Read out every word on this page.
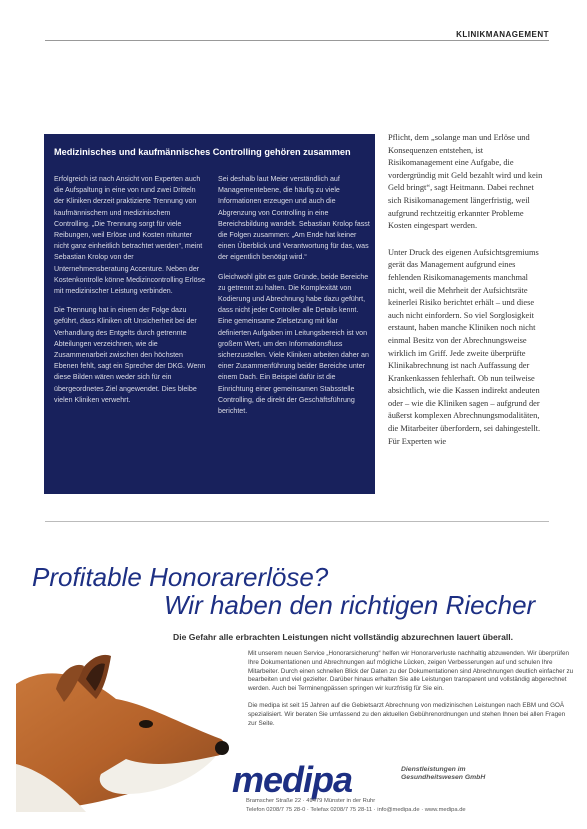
KLINIKMANAGEMENT
Medizinisches und kaufmännisches Controlling gehören zusammen

Erfolgreich ist nach Ansicht von Experten auch die Aufspaltung in eine von rund zwei Dritteln der Kliniken derzeit praktizierte Trennung von kaufmännischem und medizinischem Controlling. „Die Trennung sorgt für viele Reibungen, weil Erlöse und Kosten mitunter nicht ganz einheitlich betrachtet werden“, meint Sebastian Krolop von der Unternehmensberatung Accenture. Neben der Kostenkontrolle könne Medizincontrolling Erlöse mit medizinischer Leistung verbinden.

Die Trennung hat in einem der Folge dazu geführt, dass Kliniken oft Unsicherheit bei der Verhandlung des Entgelts durch getrennte Abteilungen verzeichnen, wie die Zusammenarbeit zwischen den höchsten Ebenen fehlt, sagt ein Sprecher der DKG. Wenn diese Bilden wären weder sich für ein übergeordnetes Ziel angewendet. Dies bleibe vielen Kliniken verwehrt.

Sei deshalb laut Meier verständlich auf Managementebene, die häufig zu viele Informationen erzeugen und auch die Abgrenzung von Controlling in eine Bereichsbildung wandelt. Sebastian Krolop fasst die Folgen zusammen: „Am Ende hat keiner einen Überblick und Verantwortung für das, was der eigentlich benötigt wird.“

Gleichwohl gibt es gute Gründe, beide Bereiche zu getrennt zu halten. Die Komplexität von Kodierung und Abrechnung habe dazu geführt, dass nicht jeder Controller alle Details kennt. Eine gemeinsame Zielsetzung mit klar definierten Aufgaben im Leitungsbereich ist von großem Wert, um den Informationsfluss sicherzustellen. Viele Kliniken arbeiten daher an einer Zusammenführung beider Bereiche unter einem Dach. Ein Beispiel dafür ist die Einrichtung einer gemeinsamen Stabsstelle Controlling, die direkt der Geschäftsführung berichtet.

Pflicht, dem „solange man und Erlöse und Konsequenzen entstehen, ist Risikomanagement eine Aufgabe, die vordergründig mit Geld bezahlt wird und kein Geld bringt“, sagt Heitmann. Dabei rechnet sich Risikomanagement längerfristig, weil aufgrund rechtzeitig erkannter Probleme Kosten eingespart werden.

Unter Druck des eigenen Aufsichtsgremiums gerät das Management aufgrund eines fehlenden Risikomanagements manchmal nicht, weil die Mehrheit der Aufsichtsräte keinerlei Risiko berichtet erhält – und diese auch nicht einfordern. So viel Sorglosigkeit erstaunt, haben manche Kliniken noch nicht einmal Besitz von der Abrechnungsweise wirklich im Griff. Jede zweite überprüfte Klinikabrechnung ist nach Auffassung der Krankenkassen fehlerhaft. Ob nun teilweise absichtlich, wie die Kassen indirekt andeuten oder – wie die Kliniken sagen – aufgrund der äußerst komplexen Abrechnungsmodalitäten, die Mitarbeiter überfordern, sei dahingestellt. Für Experten wie

Profitable Honorarerlöse?
Wir haben den richtigen Riecher
Die Gefahr alle erbrachten Leistungen nicht vollständig abzurechnen lauert überall.

Mit unserem neuen Service „Honorarsicherung“ helfen wir Honorarverluste nachhaltig abzuwenden. Wir überprüfen Ihre Dokumentationen und Abrechnungen auf mögliche Lücken, zeigen Verbesserungen auf und schulen Ihre Mitarbeiter. Durch einen schnellen Blick der Daten zu der Dokumentationen sind Abrechnungen deutlich einfacher zu bearbeiten und viel gezielter. Darüber hinaus erhalten Sie alle Leistungen transparent und vollständig abgerechnet werden. Auch bei Terminengpässen springen wir kurzfristig für Sie ein.

Die medipa ist seit 15 Jahren auf die Gebietsarzt Abrechnung von medizinischen Leistungen nach EBM und GOÄ spezialisiert. Wir beraten Sie umfassend zu den aktuellen Gebührenordnungen und stehen Ihnen bei allen Fragen zur Seite.

medipa	Dienstleistungen im
Gesundheitswesen GmbH
Bramscher Straße 22 · 49479 Münster in der Ruhr
Telefon 0208/7 75 28-0 · Telefax 0208/7 75 28-11 · info@medipa.de · www.medipa.de
